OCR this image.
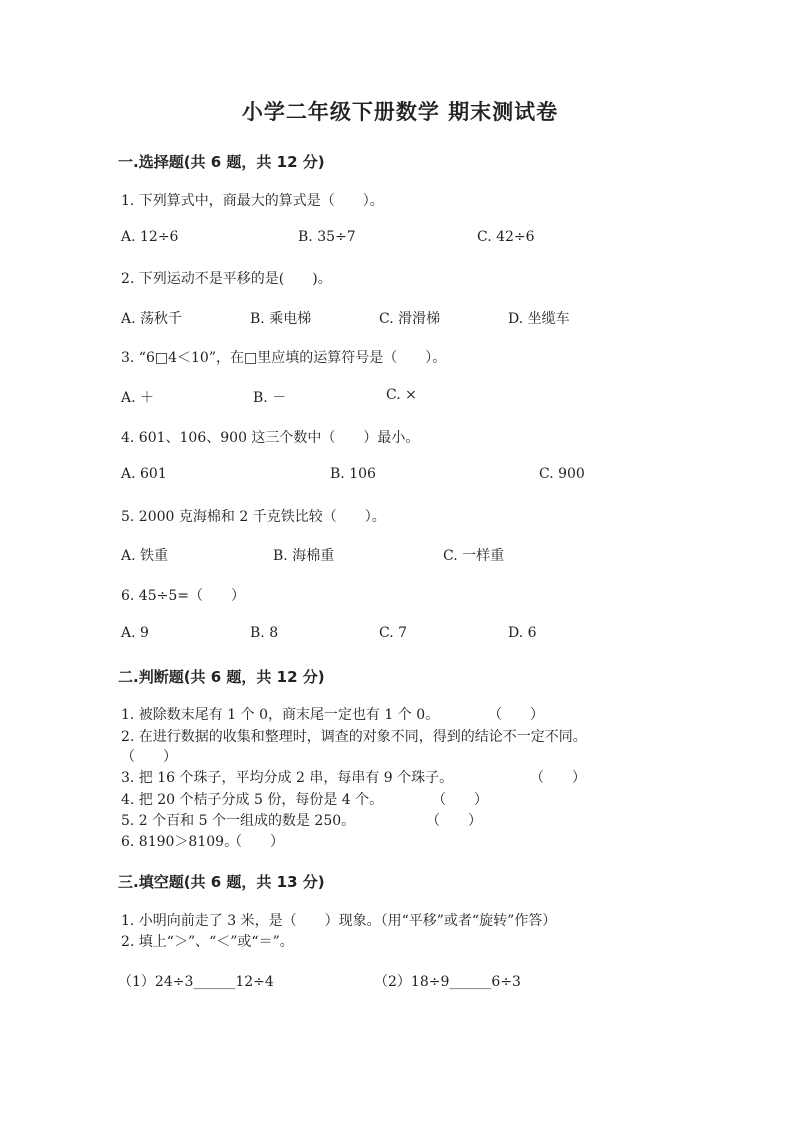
小学二年级下册数学 期末测试卷
一.选择题(共 6 题，共 12 分)
1. 下列算式中，商最大的算式是（　　）。
A. 12÷6	B. 35÷7	C. 42÷6
2. 下列运动不是平移的是(　　)。
A. 荡秋千	B. 乘电梯	C. 滑滑梯	D. 坐缆车
3. “6□4＜10”，在□里应填的运算符号是（　　）。
A. ＋	B. －	C. ×
4. 601、106、900 这三个数中（　　）最小。
A. 601	B. 106	C. 900
5. 2000 克海棉和 2 千克铁比较（　　）。
A. 铁重	B. 海棉重	C. 一样重
6. 45÷5=（　　）
A. 9	B. 8	C. 7	D. 6
二.判断题(共 6 题，共 12 分)
1. 被除数末尾有 1 个 0，商末尾一定也有 1 个 0。	（　　）
2. 在进行数据的收集和整理时，调查的对象不同，得到的结论不一定不同。
（　　）
3. 把 16 个珠子，平均分成 2 串，每串有 9 个珠子。	（　　）
4. 把 20 个桔子分成 5 份，每份是 4 个。	（　　）
5. 2 个百和 5 个一组成的数是 250。	（　　）
6. 8190＞8109。
（　　）
三.填空题(共 6 题，共 13 分)
1. 小明向前走了 3 米，是（　　）现象。（用“平移”或者“旋转”作答）
2. 填上“＞”、“＜”或“＝”。
（1）24÷3______12÷4	（2）18÷9______6÷3
